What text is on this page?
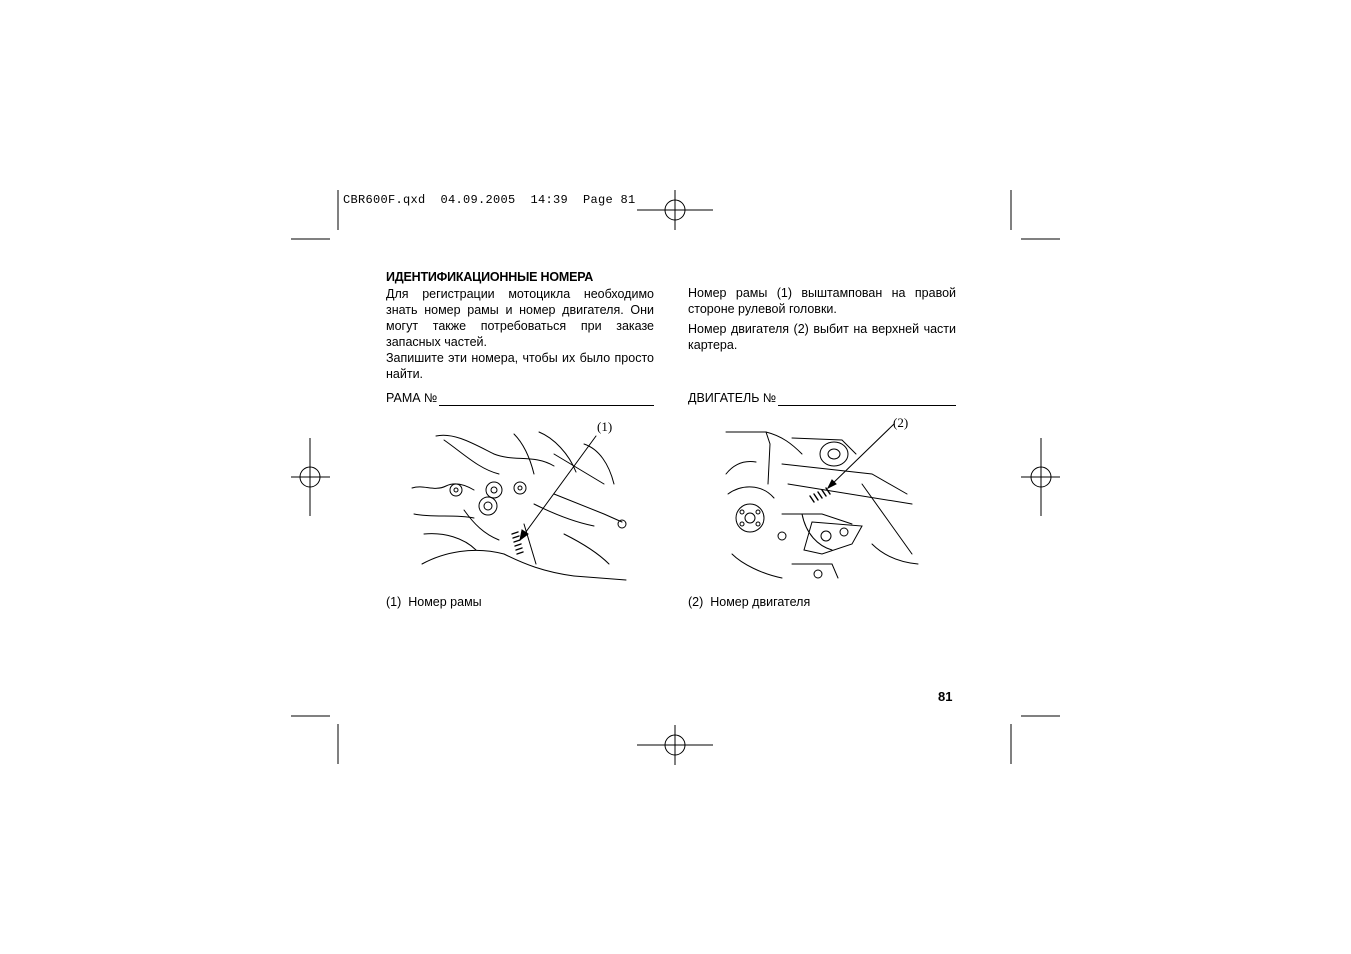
CBR600F.qxd  04.09.2005  14:39  Page 81
ИДЕНТИФИКАЦИОННЫЕ НОМЕРА

Для регистрации мотоцикла необходимо знать номер рамы и номер двигателя. Они могут также потребоваться при заказе запасных частей.

Запишите эти номера, чтобы их было просто найти.

РАМА №

Номер рамы (1) выштампован на правой стороне рулевой головки.

Номер двигателя (2) выбит на верхней части картера.

ДВИГАТЕЛЬ №
(1)	(2)
(1)  Номер рамы	(2)  Номер двигателя
81
